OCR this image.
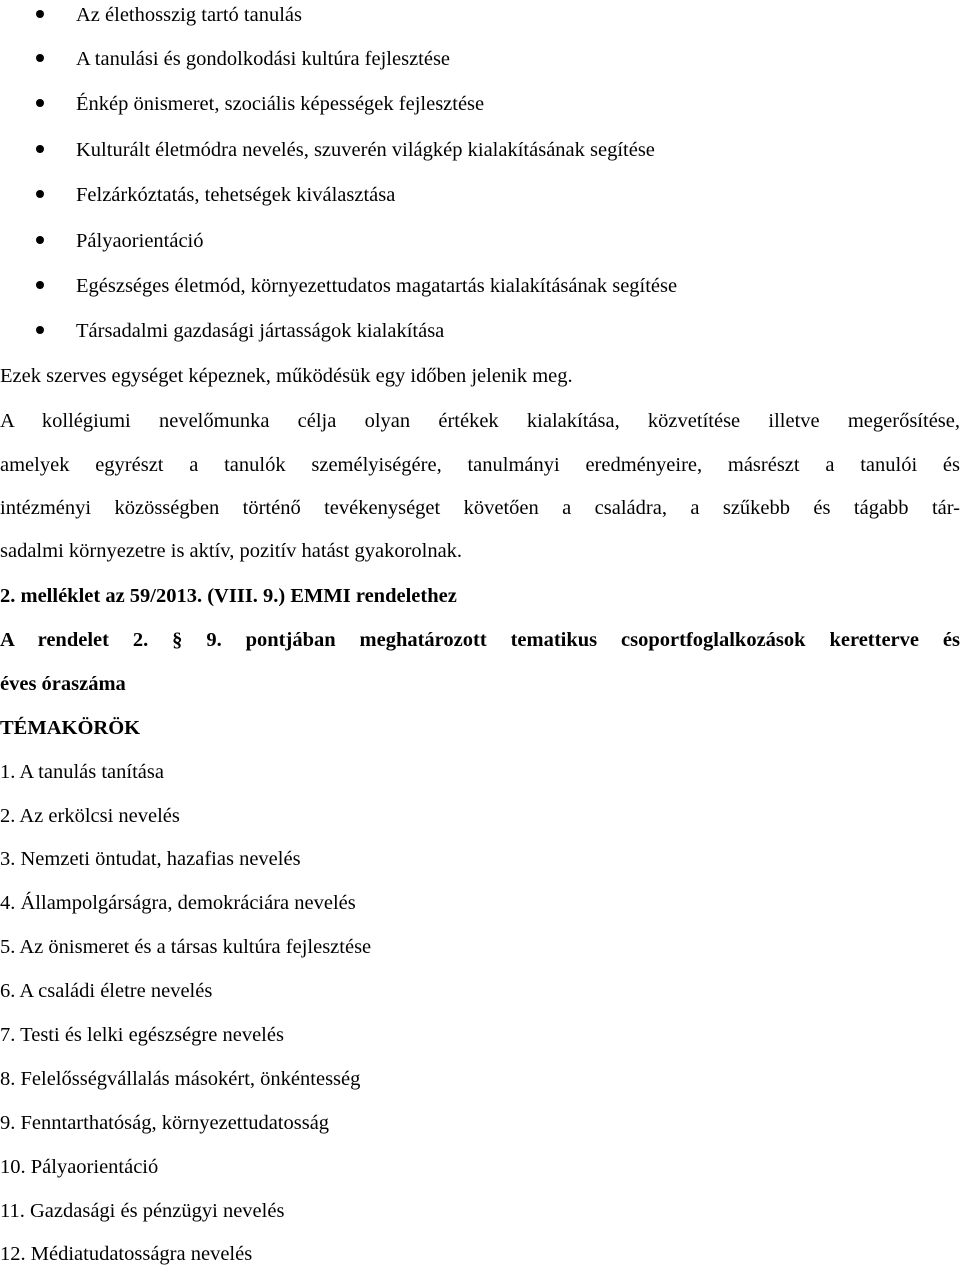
Az élethosszig tartó tanulás
A tanulási és gondolkodási kultúra fejlesztése
Énkép önismeret, szociális képességek fejlesztése
Kulturált életmódra nevelés, szuverén világkép kialakításának segítése
Felzárkóztatás, tehetségek kiválasztása
Pályaorientáció
Egészséges életmód, környezettudatos magatartás kialakításának segítése
Társadalmi gazdasági jártasságok kialakítása
Ezek szerves egységet képeznek, működésük egy időben jelenik meg.
A kollégiumi nevelőmunka célja olyan értékek kialakítása, közvetítése illetve megerősítése,
amelyek egyrészt a tanulók személyiségére, tanulmányi eredményeire, másrészt a tanulói és
intézményi közösségben történő tevékenységet követően a családra, a szűkebb és tágabb tár-
sadalmi környezetre is aktív, pozitív hatást gyakorolnak.
2. melléklet az 59/2013. (VIII. 9.) EMMI rendelethez
A rendelet 2. § 9. pontjában meghatározott tematikus csoportfoglalkozások keretterve és
éves óraszáma
TÉMAKÖRÖK
1. A tanulás tanítása
2. Az erkölcsi nevelés
3. Nemzeti öntudat, hazafias nevelés
4. Állampolgárságra, demokráciára nevelés
5. Az önismeret és a társas kultúra fejlesztése
6. A családi életre nevelés
7. Testi és lelki egészségre nevelés
8. Felelősségvállalás másokért, önkéntesség
9. Fenntarthatóság, környezettudatosság
10. Pályaorientáció
11. Gazdasági és pénzügyi nevelés
12. Médiatudatosságra nevelés
